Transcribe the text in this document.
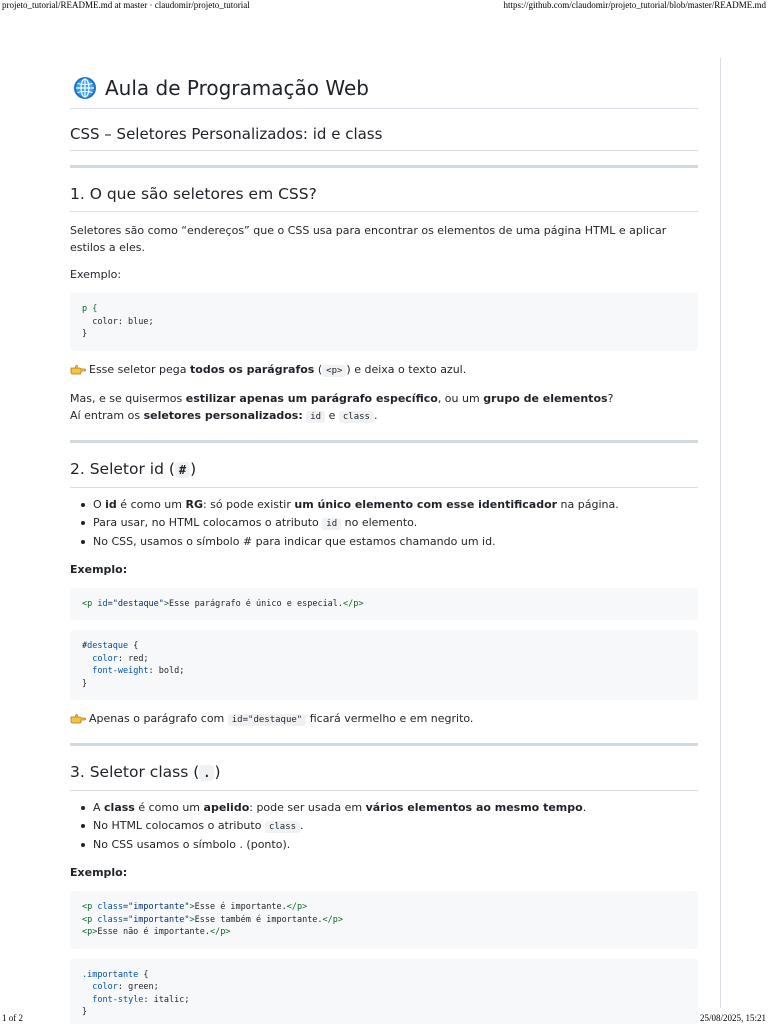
projeto_tutorial/README.md at master · claudomir/projeto_tutorial	https://github.com/claudomir/projeto_tutorial/blob/master/README.md
Aula de Programação Web
CSS – Seletores Personalizados: id e class
1. O que são seletores em CSS?

Seletores são como “endereços” que o CSS usa para encontrar os elementos de uma página HTML e aplicar estilos a eles.

Exemplo:

p {
color: blue;
}

Esse seletor pega todos os parágrafos ( <p> ) e deixa o texto azul.

Mas, e se quisermos estilizar apenas um parágrafo específico, ou um grupo de elementos?
Aí entram os seletores personalizados: id e class .

2. Seletor id ( # )
O id é como um RG: só pode existir um único elemento com esse identificador na página.
Para usar, no HTML colocamos o atributo id no elemento.
No CSS, usamos o símbolo # para indicar que estamos chamando um id.

Exemplo:

<p id="destaque">Esse parágrafo é único e especial.</p>
#destaque {
color: red;
font-weight: bold;
}

Apenas o parágrafo com id="destaque" ficará vermelho e em negrito.

3. Seletor class ( . )
A class é como um apelido: pode ser usada em vários elementos ao mesmo tempo.
No HTML colocamos o atributo class .
No CSS usamos o símbolo . (ponto).

Exemplo:

<p class="importante">Esse é importante.</p>
<p class="importante">Esse também é importante.</p>
<p>Esse não é importante.</p>
.importante {
color: green;
font-style: italic;
}
1 of 2	25/08/2025, 15:21
